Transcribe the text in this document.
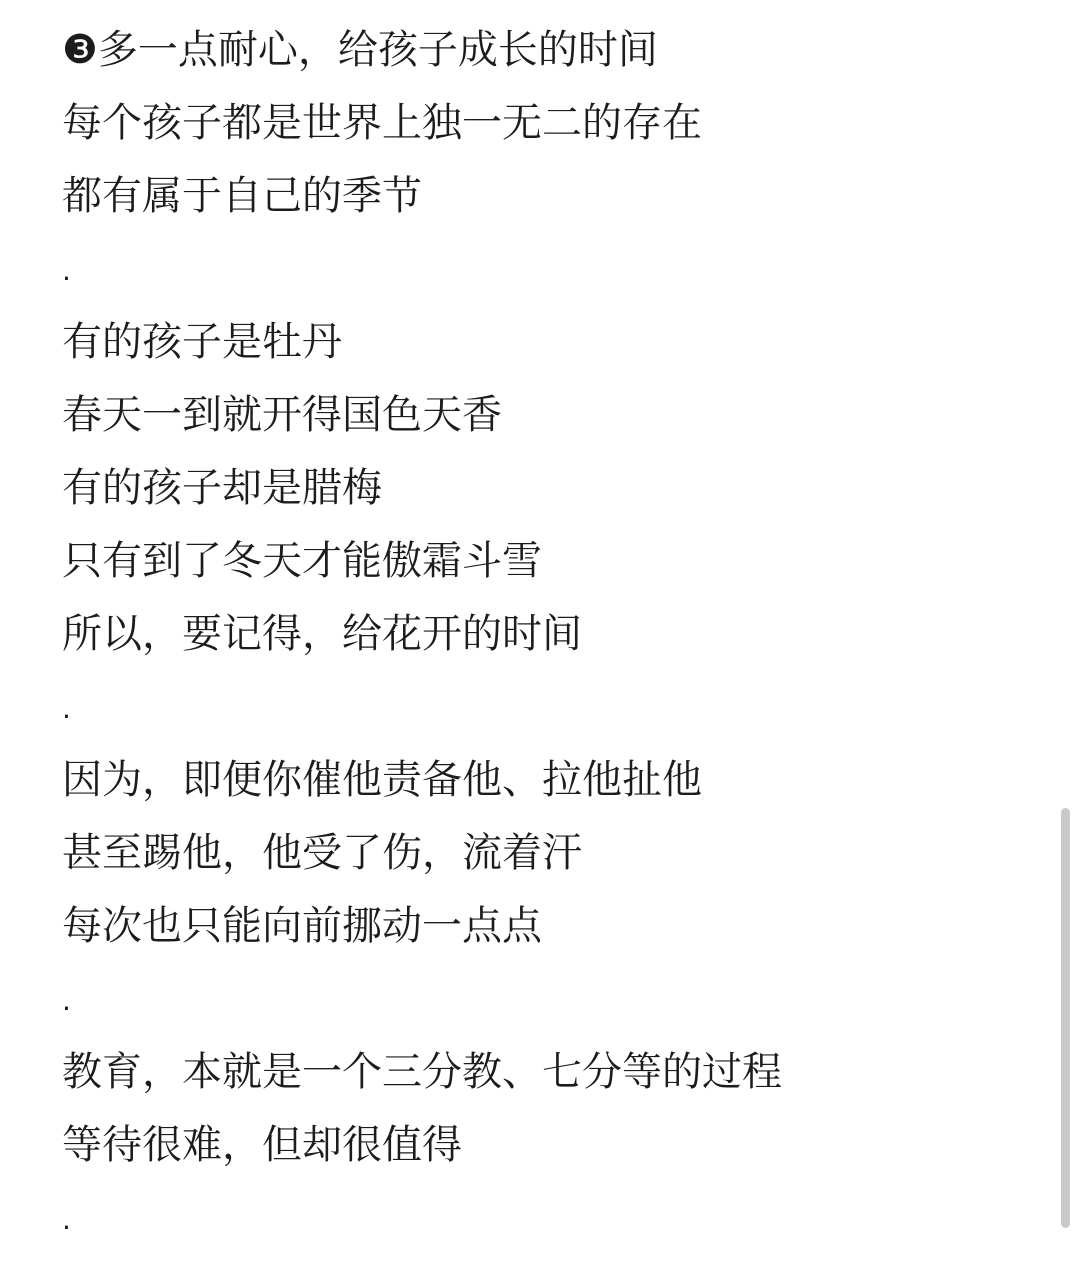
❸多一点耐心，给孩子成长的时间
每个孩子都是世界上独一无二的存在
都有属于自己的季节
.
有的孩子是牡丹
春天一到就开得国色天香
有的孩子却是腊梅
只有到了冬天才能傲霜斗雪
所以，要记得，给花开的时间
.
因为，即便你催他责备他、拉他扯他
甚至踢他，他受了伤，流着汗
每次也只能向前挪动一点点
.
教育，本就是一个三分教、七分等的过程
等待很难，但却很值得
.
